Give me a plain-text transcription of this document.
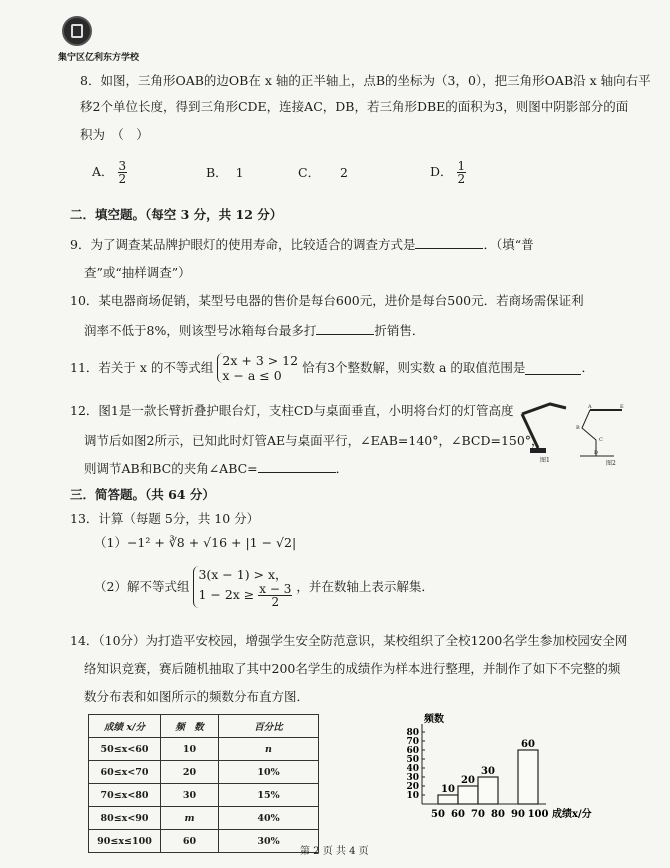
集宁区亿利东方学校
8．如图，三角形OAB的边OB在 x 轴的正半轴上，点B的坐标为（3，0），把三角形OAB沿 x 轴向右平
移2个单位长度，得到三角形CDE，连接AC，DB，若三角形DBE的面积为3，则图中阴影部分的面
积为　（　）
A． $\frac{3}{2}$	B． 1	C． 2	D． $\frac{1}{2}$
二．填空题。（每空 3 分，共 12 分）
9．为了调查某品牌护眼灯的使用寿命，比较适合的调查方式是	．（填“普
查”或“抽样调查”）
10．某电器商场促销，某型号电器的售价是每台600元，进价是每台500元．若商场需保证利
润率不低于8%，则该型号冰箱每台最多打	折销售．
11．若关于 x 的不等式组 2x + 3 > 12
x − a ≤ 0
恰有3个整数解，则实数 a 的取值范围是	．
12．图1是一款长臂折叠护眼台灯，支柱CD与桌面垂直，小明将台灯的灯管高度
调节后如图2所示，已知此时灯管AE与桌面平行，∠EAB=140°，∠BCD=150°，
则调节AB和BC的夹角∠ABC=	．
图1
A	E
B
C
D
图2
三．简答题。（共 64 分）
13．计算（每题 5分，共 10 分）
（1）−1² + ∛8 + √16 + |1 − √2|
（2）解不等式组
3(x − 1) > x，
$1 - 2x \ge \frac{x - 3}{2}$ ，并在数轴上表示解集．
14．（10分）为打造平安校园，增强学生安全防范意识，某校组织了全校1200名学生参加校园安全网
络知识竞赛，赛后随机抽取了其中200名学生的成绩作为样本进行整理，并制作了如下不完整的频
数分布表和如图所示的频数分布直方图．
成绩 x/分	频　数	百分比
50≤x<60	10	n
60≤x<70	20	10%
70≤x<80	30	15%
80≤x<90	m	40%
90≤x≤100	60	30%
10
20
30
40
50
60
70
80
频数
50 60 70 80 90 100 成绩x/分
10
20
30
60
第 2 页 共 4 页
